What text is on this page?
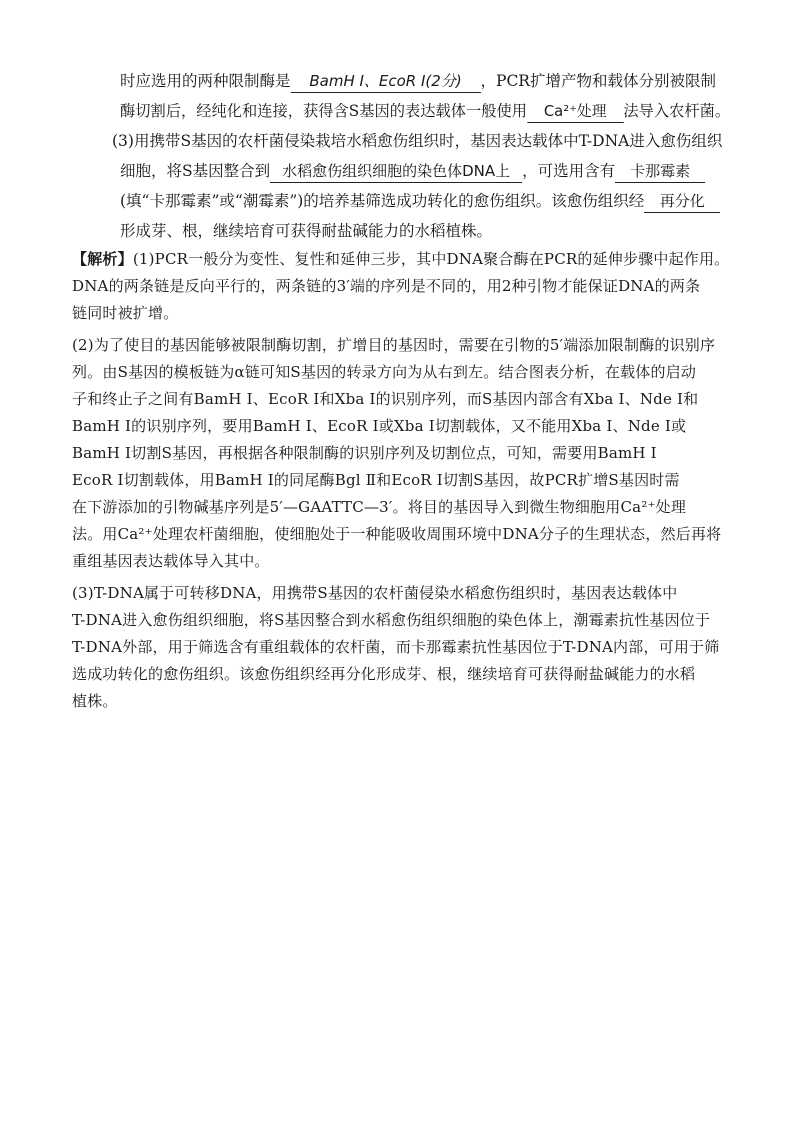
时应选用的两种限制酶是 BamH Ⅰ、EcoR Ⅰ(2分) ，PCR扩增产物和载体分别被限制
酶切割后，经纯化和连接，获得含S基因的表达载体一般使用 Ca²⁺处理 法导入农杆菌。
(3)用携带S基因的农杆菌侵染栽培水稻愈伤组织时，基因表达载体中T-DNA进入愈伤组织
细胞，将S基因整合到 水稻愈伤组织细胞的染色体DNA上 ，可选用含有 卡那霉素
(填“卡那霉素”或“潮霉素”)的培养基筛选成功转化的愈伤组织。该愈伤组织经 再分化
形成芽、根，继续培育可获得耐盐碱能力的水稻植株。
【解析】(1)PCR一般分为变性、复性和延伸三步，其中DNA聚合酶在PCR的延伸步骤中起作用。
DNA的两条链是反向平行的，两条链的3′端的序列是不同的，用2种引物才能保证DNA的两条
链同时被扩增。
(2)为了使目的基因能够被限制酶切割，扩增目的基因时，需要在引物的5′端添加限制酶的识别序
列。由S基因的模板链为α链可知S基因的转录方向为从右到左。结合图表分析，在载体的启动
子和终止子之间有BamH Ⅰ、EcoR Ⅰ和Xba Ⅰ的识别序列，而S基因内部含有Xba Ⅰ、Nde Ⅰ和
BamH Ⅰ的识别序列，要用BamH Ⅰ、EcoR Ⅰ或Xba Ⅰ切割载体，又不能用Xba Ⅰ、Nde Ⅰ或
BamH Ⅰ切割S基因，再根据各种限制酶的识别序列及切割位点，可知，需要用BamH Ⅰ
EcoR Ⅰ切割载体，用BamH Ⅰ的同尾酶Bgl Ⅱ和EcoR Ⅰ切割S基因，故PCR扩增S基因时需
在下游添加的引物碱基序列是5′—GAATTC—3′。将目的基因导入到微生物细胞用Ca²⁺处理
法。用Ca²⁺处理农杆菌细胞，使细胞处于一种能吸收周围环境中DNA分子的生理状态，然后再将
重组基因表达载体导入其中。
(3)T-DNA属于可转移DNA，用携带S基因的农杆菌侵染水稻愈伤组织时，基因表达载体中
T-DNA进入愈伤组织细胞，将S基因整合到水稻愈伤组织细胞的染色体上，潮霉素抗性基因位于
T-DNA外部，用于筛选含有重组载体的农杆菌，而卡那霉素抗性基因位于T-DNA内部，可用于筛
选成功转化的愈伤组织。该愈伤组织经再分化形成芽、根，继续培育可获得耐盐碱能力的水稻
植株。
